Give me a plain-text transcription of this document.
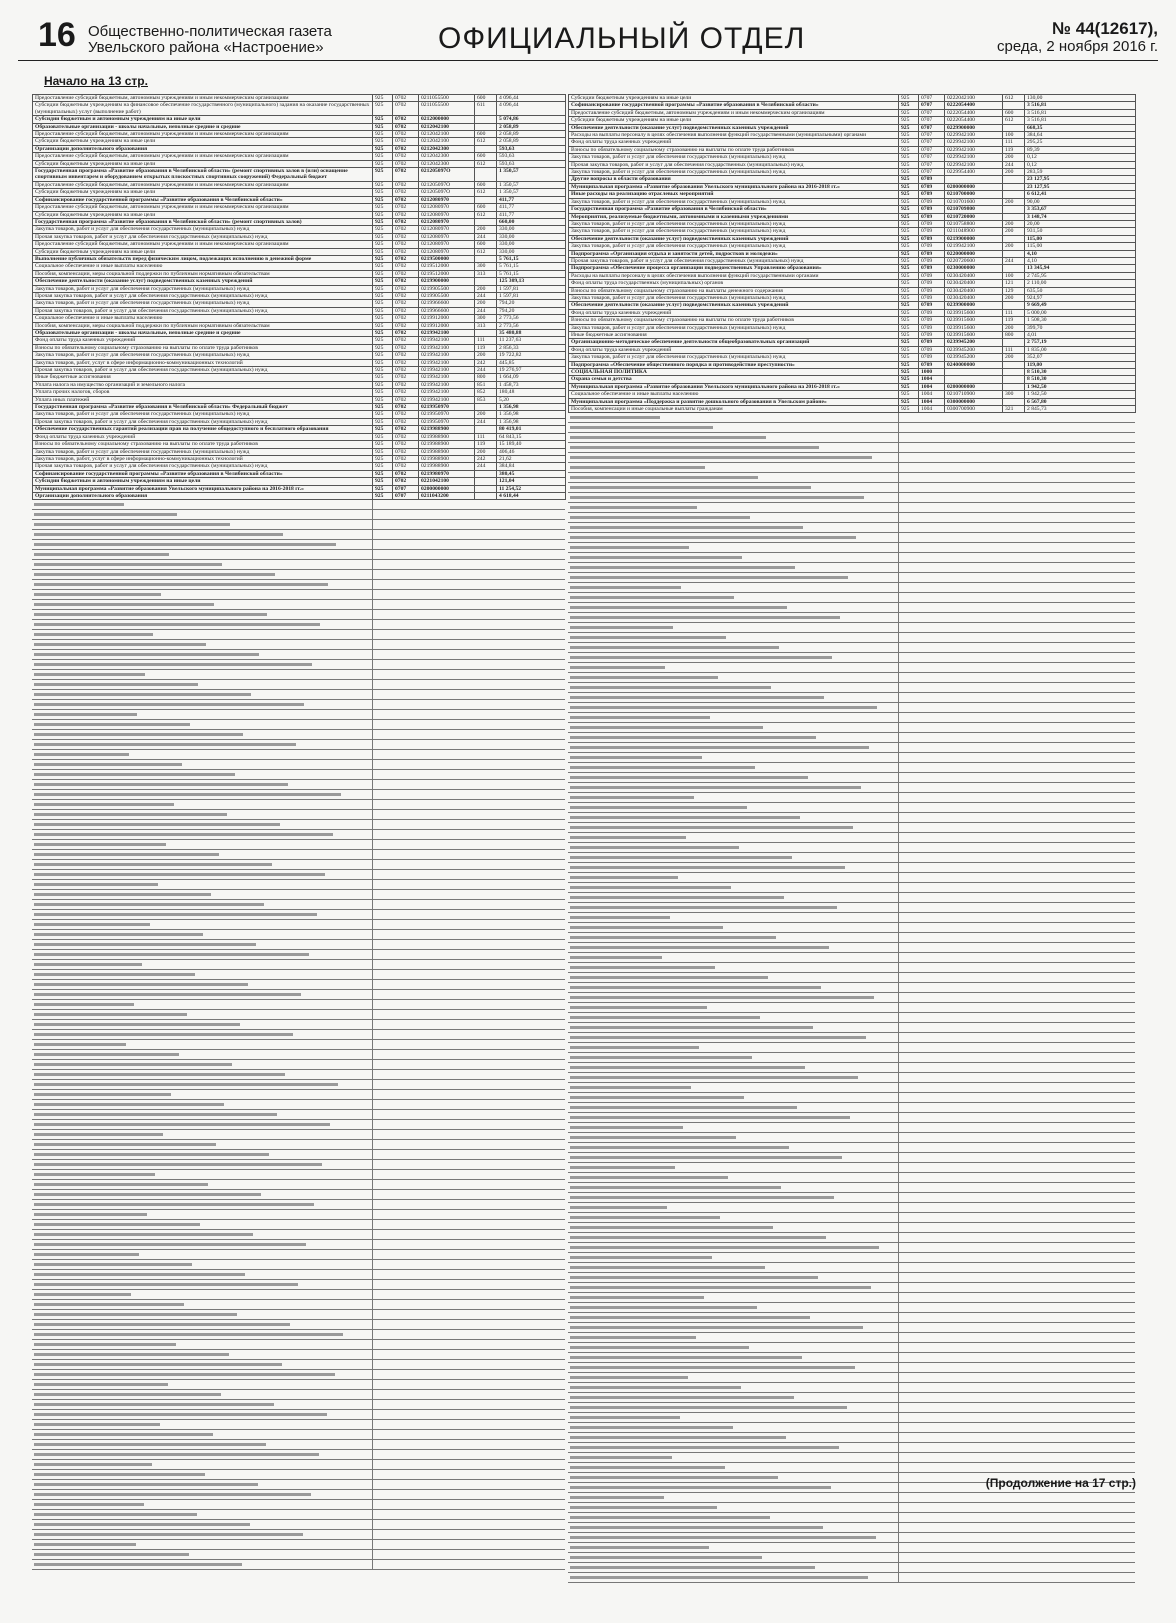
16 Общественно-политическая газета Увельского района «Настроение»	ОФИЦИАЛЬНЫЙ ОТДЕЛ	№ 44(12617),
среда, 2 ноября 2016 г.
Начало на 13 стр.
Предоставление субсидий бюджетным, автономным учреждениям и иным некоммерческим организациям	925	0702	0211055500	600	4 096,44
Субсидии бюджетным учреждениям на финансовое обеспечение государственного (муниципального) задания на оказание государственных (муниципальных) услуг (выполнение работ)	925	0702	0211055500	611	4 096,44
Субсидии бюджетным и автономным учреждениям на иные цели	925	0702	0212000000		5 074,86
Образовательные организации - школы начальные, неполные средние и средние	925	0702	0212042100		2 058,89
Предоставление субсидий бюджетным, автономным учреждениям и иным некоммерческим организациям	925	0702	0212042100	600	2 058,89
Субсидии бюджетным учреждениям на иные цели	925	0702	0212042100	612	2 058,89
Организации дополнительного образования	925	0702	0212042300		593,63
Предоставление субсидий бюджетным, автономным учреждениям и иным некоммерческим организациям	925	0702	0212042300	600	593,63
Субсидии бюджетным учреждениям на иные цели	925	0702	0212042300	612	593,63
Государственная программа «Развитие образования в Челябинской области» (ремонт спортивных залов в (или) оснащение спортивным инвентарем и оборудованием открытых плоскостных спортивных сооружений) Федеральный бюджет	925	0702	021205097О		1 350,57
Предоставление субсидий бюджетным, автономным учреждениям и иным некоммерческим организациям	925	0702	021205097О	600	1 350,57
Субсидии бюджетным учреждениям на иные цели	925	0702	021205097О	612	1 350,57
Софинансирование государственной программы «Развитие образования в Челябинской области»	925	0702	0212080970		411,77
Предоставление субсидий бюджетным, автономным учреждениям и иным некоммерческим организациям	925	0702	0212080970	600	411,77
Субсидии бюджетным учреждениям на иные цели	925	0702	0212080970	612	411,77
Государственная программа «Развитие образования в Челябинской области» (ремонт спортивных залов)	925	0702	0212080970		660,00
Закупка товаров, работ и услуг для обеспечения государственных (муниципальных) нужд	925	0702	0212080970	200	330,00
Прочая закупка товаров, работ и услуг для обеспечения государственных (муниципальных) нужд	925	0702	0212080970	244	330,00
Предоставление субсидий бюджетным, автономным учреждениям и иным некоммерческим организациям	925	0702	0212080970	600	330,00
Субсидии бюджетным учреждениям на иные цели	925	0702	0212080970	612	330,00
Выполнение публичных обязательств перед физическим лицом, подлежащих исполнению в денежной форме	925	0702	0219500000		5 761,15
Социальное обеспечение и иные выплаты населению	925	0702	0219512000	300	5 761,15
Пособия, компенсации, меры социальной поддержки по публичным нормативным обязательствам	925	0702	0219512000	313	5 761,15
Обеспечение деятельности (оказание услуг) подведомственных казенных учреждений	925	0702	0219900000		125 309,13
Закупка товаров, работ и услуг для обеспечения государственных (муниципальных) нужд	925	0702	0219905500	200	1 597,81
Прочая закупка товаров, работ и услуг для обеспечения государственных (муниципальных) нужд	925	0702	0219905500	244	1 597,81
Закупка товаров, работ и услуг для обеспечения государственных (муниципальных) нужд	925	0702	0219966600	200	794,20
Прочая закупка товаров, работ и услуг для обеспечения государственных (муниципальных) нужд	925	0702	0219966600	244	794,20
Социальное обеспечение и иные выплаты населению	925	0702	0219912000	300	2 773,56
Пособия, компенсации, меры социальной поддержки по публичным нормативным обязательствам	925	0702	0219912000	313	2 773,56
Образовательные организации - школы начальные, неполные средние и средние	925	0702	0219942100		35 480,88
Фонд оплаты труда казенных учреждений	925	0702	0219942100	111	11 237,63
Взносы по обязательному социальному страхованию на выплаты по оплате труда работников	925	0702	0219942100	119	2 856,33
Закупка товаров, работ и услуг для обеспечения государственных (муниципальных) нужд	925	0702	0219942100	200	19 722,82
Закупка товаров, работ, услуг в сфере информационно-коммуникационных технологий	925	0702	0219942100	242	445,85
Прочая закупка товаров, работ и услуг для обеспечения государственных (муниципальных) нужд	925	0702	0219942100	244	19 276,97
Иные бюджетные ассигнования	925	0702	0219942100	800	1 664,09
Уплата налога на имущество организаций и земельного налога	925	0702	0219942100	851	1 458,73
Уплата прочих налогов, сборов	925	0702	0219942100	852	180,48
Уплата иных платежей	925	0702	0219942100	853	5,20
Государственная программа «Развитие образования в Челябинской области» Федеральный бюджет	925	0702	0219950970		1 356,98
Закупка товаров, работ и услуг для обеспечения государственных (муниципальных) нужд	925	0702	0219950970	200	1 356,98
Прочая закупка товаров, работ и услуг для обеспечения государственных (муниципальных) нужд	925	0702	0219950970	244	1 356,98
Обеспечение государственных гарантий реализации прав на получение общедоступного и бесплатного образования	925	0702	0219988900		80 419,01
Фонд оплаты труда казенных учреждений	925	0702	0219988900	111	64 843,15
Взносы по обязательному социальному страхованию на выплаты по оплате труда работников	925	0702	0219988900	119	15 189,40
Закупка товаров, работ и услуг для обеспечения государственных (муниципальных) нужд	925	0702	0219988900	200	406,46
Закупка товаров, работ, услуг в сфере информационно-коммуникационных технологий	925	0702	0219988900	242	21,62
Прочая закупка товаров, работ и услуг для обеспечения государственных (муниципальных) нужд	925	0702	0219988900	244	384,84
Софинансирование государственной программы «Развитие образования в Челябинской области»	925	0702	0219980970		380,45
Субсидии бюджетным и автономным учреждениям на иные цели	925	0702	0221042100		121,04
Муниципальная программа «Развитие образования Увельского муниципального района на 2016-2018 гг.»	925	0707	0200000000		11 254,52
Организации дополнительного образования	925	0707	0211043200		4 618,44
Субсидии бюджетным учреждениям на иные цели	925	0707	0222042100	612	130,00
Софинансирование государственной программы «Развитие образования в Челябинской области»	925	0707	0222054400		3 516,81
Предоставление субсидий бюджетным, автономным учреждениям и иным некоммерческим организациям	925	0707	0222054400	600	3 516,81
Субсидии бюджетным учреждениям на иные цели	925	0707	0222054400	612	3 516,81
Обеспечение деятельности (оказание услуг) подведомственных казенных учреждений	925	0707	0229900000		668,35
Расходы на выплаты персоналу в целях обеспечения выполнения функций государственными (муниципальными) органами	925	0707	0229942100	100	384,64
Фонд оплаты труда казенных учреждений	925	0707	0229942100	111	295,25
Взносы по обязательному социальному страхованию на выплаты по оплате труда работников	925	0707	0229942100	119	89,39
Закупка товаров, работ и услуг для обеспечения государственных (муниципальных) нужд	925	0707	0229942100	200	0,12
Прочая закупка товаров, работ и услуг для обеспечения государственных (муниципальных) нужд	925	0707	0229942100	244	0,12
Закупка товаров, работ и услуг для обеспечения государственных (муниципальных) нужд	925	0707	0229954400	200	283,59
Другие вопросы в области образования	925	0709			23 127,95
Муниципальная программа «Развитие образования Увельского муниципального района на 2016-2018 гг.»	925	0709	0200000000		23 127,95
Иные расходы на реализацию отраслевых мероприятий	925	0709	0210700000		6 612,41
Закупка товаров, работ и услуг для обеспечения государственных (муниципальных) нужд	925	0709	0210701600	200	90,00
Государственная программа «Развитие образования в Челябинской области»	925	0709	0210709800		3 353,67
Мероприятия, реализуемые бюджетными, автономными и казенными учреждениями	925	0709	0210720000		3 148,74
Закупка товаров, работ и услуг для обеспечения государственных (муниципальных) нужд	925	0709	0210758800	200	20,00
Закупка товаров, работ и услуг для обеспечения государственных (муниципальных) нужд	925	0709	0211048900	200	931,50
Обеспечение деятельности (оказание услуг) подведомственных казенных учреждений	925	0709	0219900000		115,00
Закупка товаров, работ и услуг для обеспечения государственных (муниципальных) нужд	925	0709	0219942100	200	115,00
Подпрограмма «Организация отдыха и занятости детей, подростков и молодежи»	925	0709	0220000000		4,10
Прочая закупка товаров, работ и услуг для обеспечения государственных (муниципальных) нужд	925	0709	0220720600	244	4,10
Подпрограмма «Обеспечение процесса организации подведомственных Управлению образования»	925	0709	0230000000		13 345,94
Расходы на выплаты персоналу в целях обеспечения выполнения функций государственными органами	925	0709	0230420400	100	2 745,95
Фонд оплаты труда государственных (муниципальных) органов	925	0709	0230420400	121	2 110,00
Взносы по обязательному социальному страхованию на выплаты денежного содержания	925	0709	0230420400	129	635,50
Закупка товаров, работ и услуг для обеспечения государственных (муниципальных) нужд	925	0709	0230420400	200	924,97
Обеспечение деятельности (оказание услуг) подведомственных казенных учреждений	925	0709	0239900000		9 669,49
Фонд оплаты труда казенных учреждений	925	0709	0239915600	111	5 000,00
Взносы по обязательному социальному страхованию на выплаты по оплате труда работников	925	0709	0239915600	119	1 508,30
Закупка товаров, работ и услуг для обеспечения государственных (муниципальных) нужд	925	0709	0239915600	200	399,70
Иные бюджетные ассигнования	925	0709	0239915600	800	4,01
Организационно-методическое обеспечение деятельности общеобразовательных организаций	925	0709	0239945200		2 757,19
Фонд оплаты труда казенных учреждений	925	0709	0239945200	111	1 835,00
Закупка товаров, работ и услуг для обеспечения государственных (муниципальных) нужд	925	0709	0239945200	200	352,07
Подпрограмма «Обеспечение общественного порядка и противодействие преступности»	925	0709	0240000000		119,00
СОЦИАЛЬНАЯ ПОЛИТИКА	925	1000			8 510,30
Охрана семьи и детства	925	1004			8 510,30
Муниципальная программа «Развитие образования Увельского муниципального района на 2016-2018 гг.»	925	1004	0200000000		1 942,50
Социальное обеспечение и иные выплаты населению	925	1004	0210710900	300	1 942,50
Муниципальная программа «Поддержка и развитие дошкольного образования в Увельском районе»	925	1004	0300000000		6 567,80
Пособия, компенсации и иные социальные выплаты гражданам	925	1004	0300700900	321	2 845,73
(Продолжение на 17 стр.)
